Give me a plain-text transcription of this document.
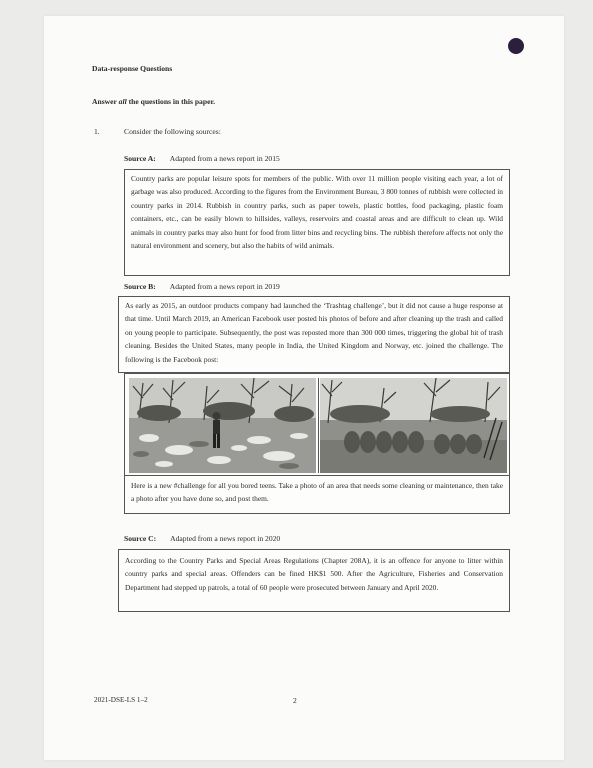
Data-response Questions
Answer all the questions in this paper.
1.	Consider the following sources:
Source A: Adapted from a news report in 2015
Country parks are popular leisure spots for members of the public. With over 11 million people visiting each year, a lot of garbage was also produced. According to the figures from the Environment Bureau, 3 800 tonnes of rubbish were collected in country parks in 2014. Rubbish in country parks, such as paper towels, plastic bottles, food packaging, plastic foam containers, etc., can be easily blown to hillsides, valleys, reservoirs and coastal areas and are difficult to clean up. Wild animals in country parks may also hunt for food from litter bins and recycling bins. The rubbish therefore affects not only the natural environment and scenery, but also the habits of wild animals.
Source B: Adapted from a news report in 2019
As early as 2015, an outdoor products company had launched the ‘Trashtag challenge’, but it did not cause a huge response at that time. Until March 2019, an American Facebook user posted his photos of before and after cleaning up the trash and called on young people to participate. Subsequently, the post was reposted more than 300 000 times, triggering the global hit of trash cleaning. Besides the United States, many people in India, the United Kingdom and Norway, etc. joined the challenge. The following is the Facebook post:
Here is a new #challenge for all you bored teens. Take a photo of an area that needs some cleaning or maintenance, then take a photo after you have done so, and post them.
Source C: Adapted from a news report in 2020
According to the Country Parks and Special Areas Regulations (Chapter 208A), it is an offence for anyone to litter within country parks and special areas. Offenders can be fined HK$1 500. After the Agriculture, Fisheries and Conservation Department had stepped up patrols, a total of 60 people were prosecuted between January and April 2020.
2021-DSE-LS 1–2	2
